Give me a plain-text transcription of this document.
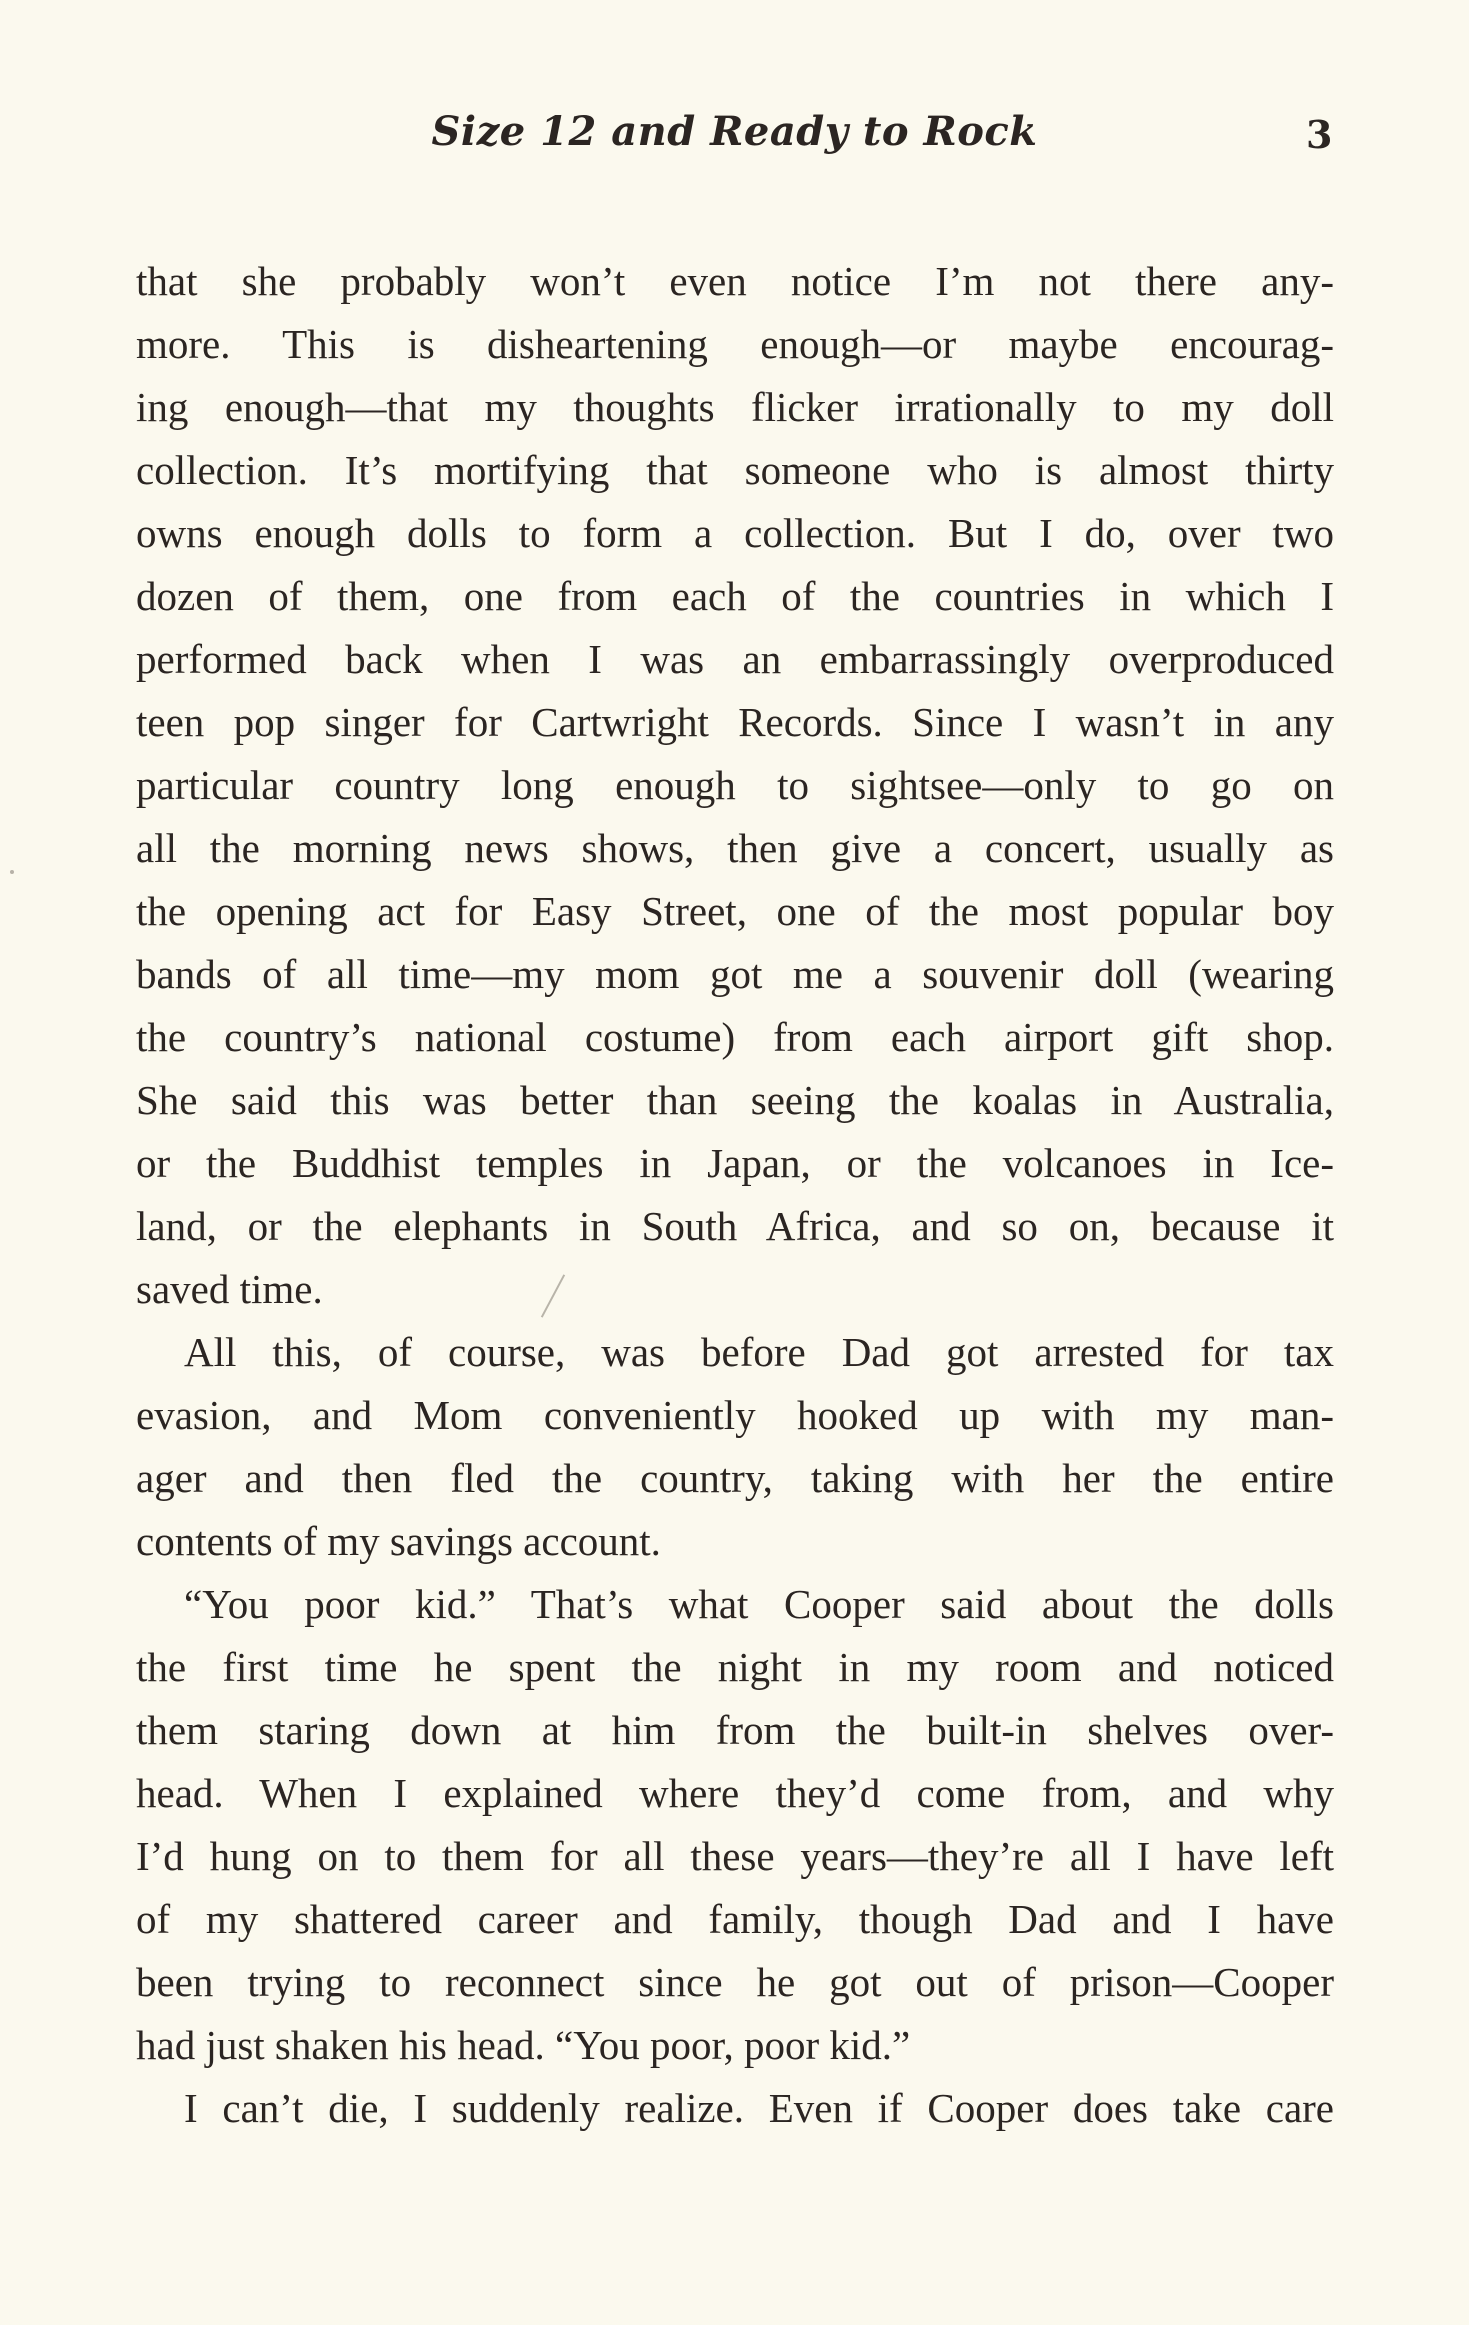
Size 12 and Ready to Rock	3
that she probably won’t even notice I’m not there any-
more. This is disheartening enough—or maybe encourag-
ing enough—that my thoughts flicker irrationally to my doll
collection. It’s mortifying that someone who is almost thirty
owns enough dolls to form a collection. But I do, over two
dozen of them, one from each of the countries in which I
performed back when I was an embarrassingly overproduced
teen pop singer for Cartwright Records. Since I wasn’t in any
particular country long enough to sightsee—only to go on
all the morning news shows, then give a concert, usually as
the opening act for Easy Street, one of the most popular boy
bands of all time—my mom got me a souvenir doll (wearing
the country’s national costume) from each airport gift shop.
She said this was better than seeing the koalas in Australia,
or the Buddhist temples in Japan, or the volcanoes in Ice-
land, or the elephants in South Africa, and so on, because it
saved time.
All this, of course, was before Dad got arrested for tax
evasion, and Mom conveniently hooked up with my man-
ager and then fled the country, taking with her the entire
contents of my savings account.
“You poor kid.” That’s what Cooper said about the dolls
the first time he spent the night in my room and noticed
them staring down at him from the built-in shelves over-
head. When I explained where they’d come from, and why
I’d hung on to them for all these years—they’re all I have left
of my shattered career and family, though Dad and I have
been trying to reconnect since he got out of prison—Cooper
had just shaken his head. “You poor, poor kid.”
I can’t die, I suddenly realize. Even if Cooper does take care
